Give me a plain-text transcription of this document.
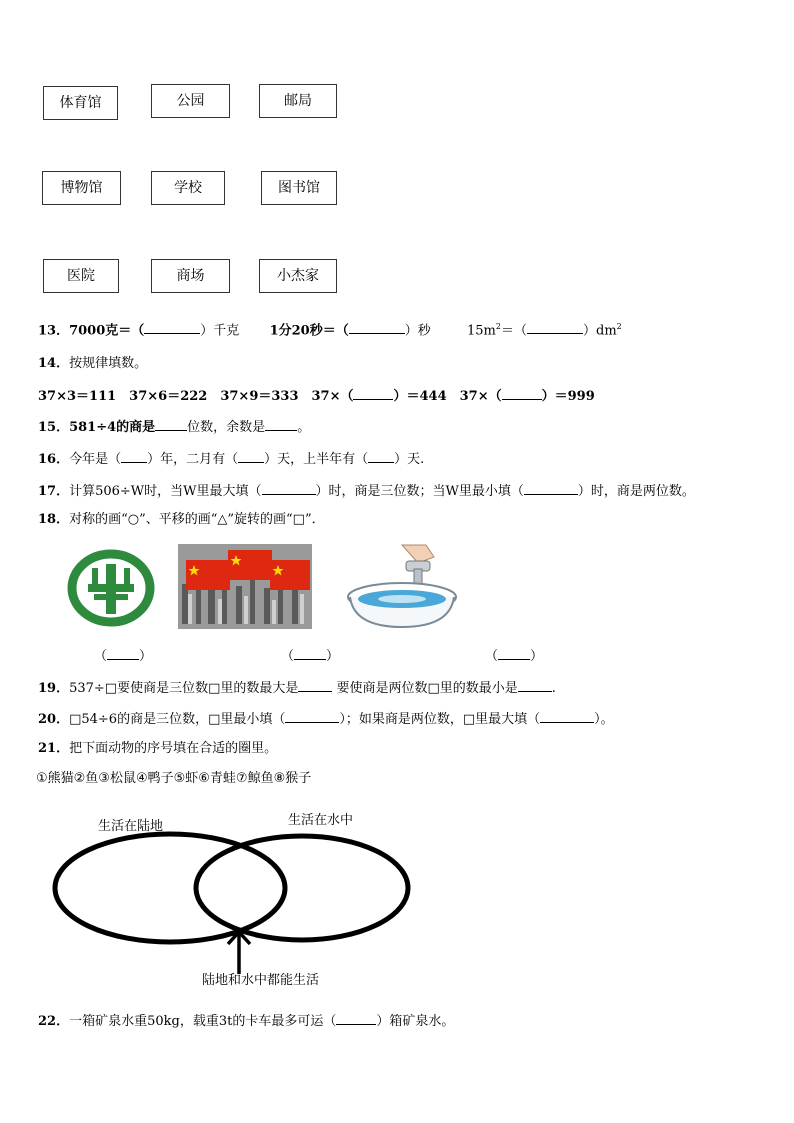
体育馆	公园	邮局
博物馆	学校	图书馆
医院	商场	小杰家
13．7000克＝（	）千克 1分20秒＝（	）秒	$15m^2=$（	）$dm^2$
14．按规律填数。
37×3＝111　37×6＝222　37×9＝333　37×（	）＝444　37×（	）＝999
15．581÷4的商是 位数，余数是 。
16．今年是（ ）年，二月有（ ）天，上半年有（ ）天.
17．计算506÷W时，当W里最大填（	）时，商是三位数；当W里最小填（	）时，商是两位数。
18．对称的画“○”、平移的画“△”旋转的画“□”．
（ ）	（ ）	（ ）
19．537÷□要使商是三位数□里的数最大是	要使商是两位数□里的数最小是	.
20．□54÷6的商是三位数，□里最小填（	）；如果商是两位数，□里最大填（	）。
21．把下面动物的序号填在合适的圈里。
①熊猫②鱼③松鼠④鸭子⑤虾⑥青蛙⑦鲸鱼⑧猴子
生活在陆地	生活在水中
陆地和水中都能生活
22．一箱矿泉水重50kg，载重3t的卡车最多可运（	）箱矿泉水。
